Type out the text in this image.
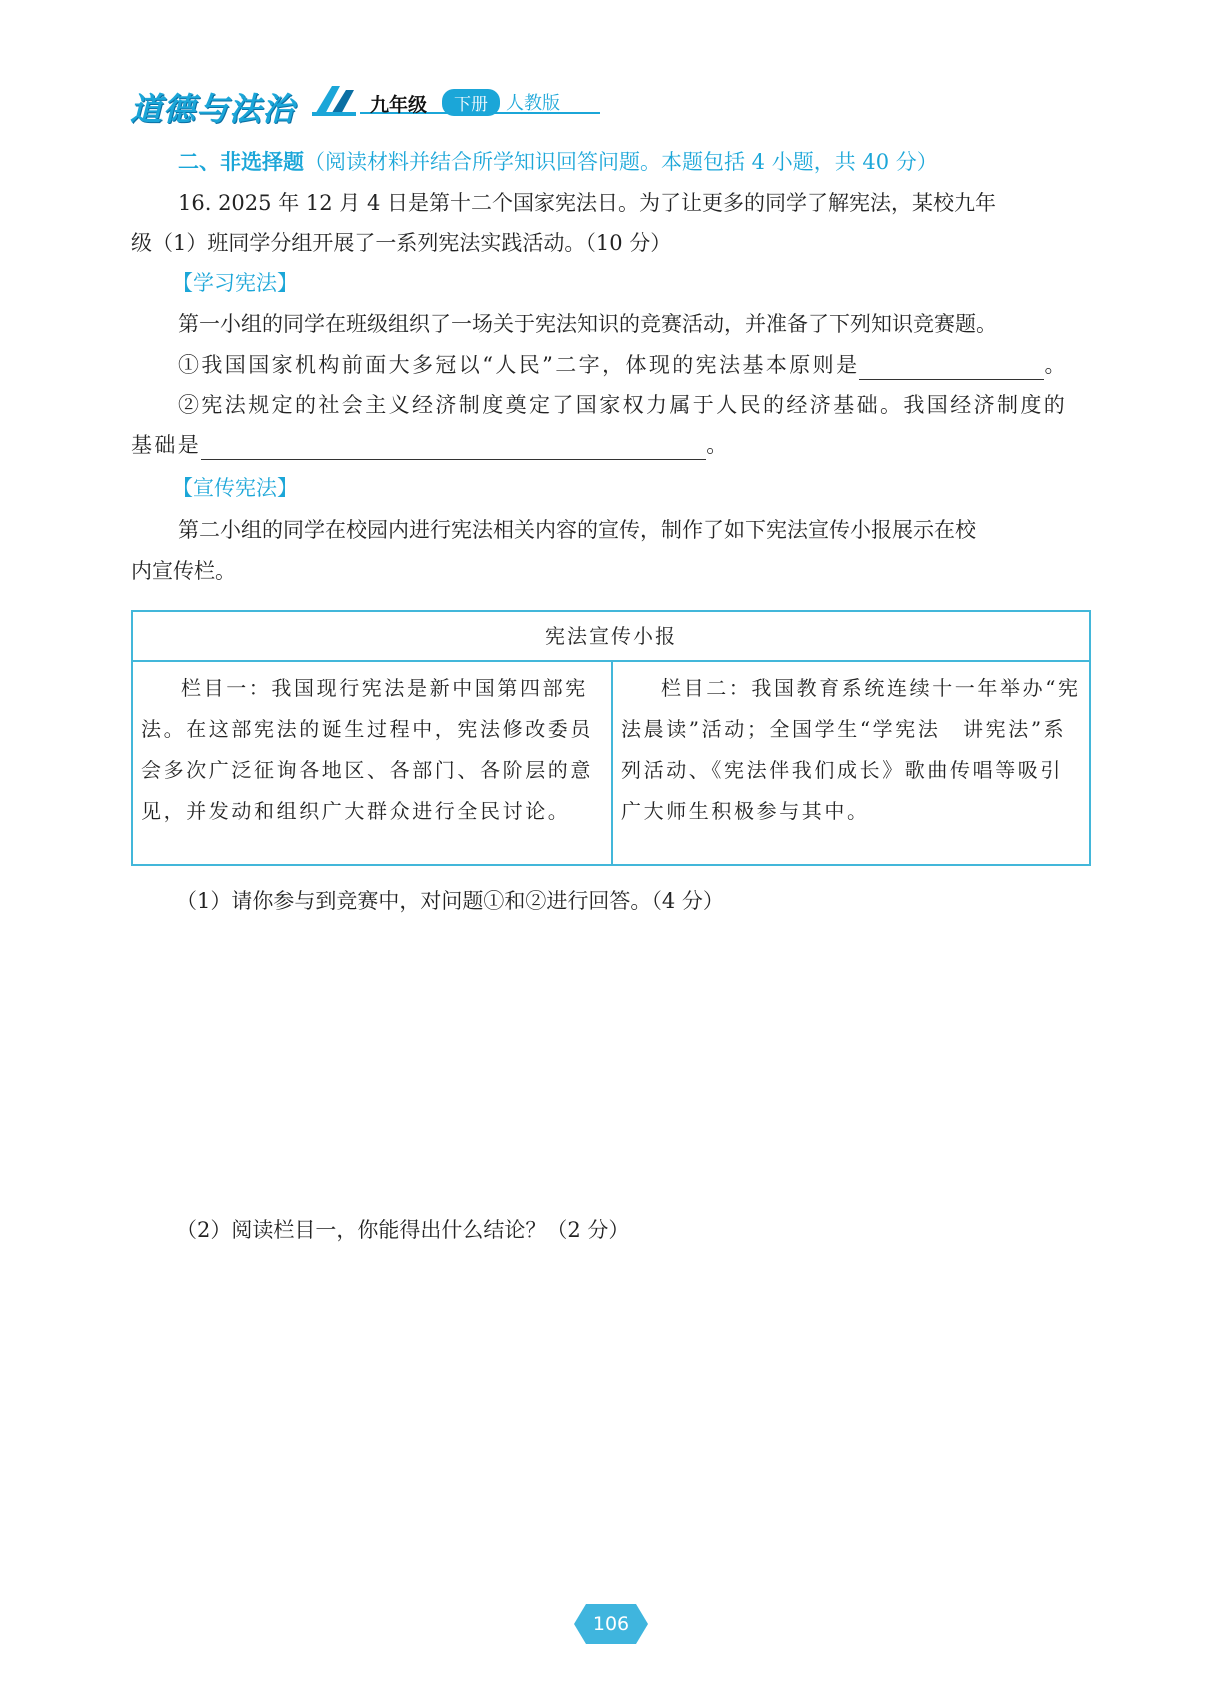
道德与法治	九年级	下册	人教版
二、非选择题（阅读材料并结合所学知识回答问题。本题包括 4 小题，共 40 分）
16. 2025 年 12 月 4 日是第十二个国家宪法日。为了让更多的同学了解宪法，某校九年
级（1）班同学分组开展了一系列宪法实践活动。（10 分）
【学习宪法】
第一小组的同学在班级组织了一场关于宪法知识的竞赛活动，并准备了下列知识竞赛题。
①我国国家机构前面大多冠以“人民”二字，体现的宪法基本原则是	。
②宪法规定的社会主义经济制度奠定了国家权力属于人民的经济基础。我国经济制度的
基础是	。
【宣传宪法】
第二小组的同学在校园内进行宪法相关内容的宣传，制作了如下宪法宣传小报展示在校
内宣传栏。
宪法宣传小报
栏目一：我国现行宪法是新中国第四部宪法。在这部宪法的诞生过程中，宪法修改委员会多次广泛征询各地区、各部门、各阶层的意见，并发动和组织广大群众进行全民讨论。
栏目二：我国教育系统连续十一年举办“宪法晨读”活动；全国学生“学宪法　讲宪法”系列活动、《宪法伴我们成长》歌曲传唱等吸引广大师生积极参与其中。
（1）请你参与到竞赛中，对问题①和②进行回答。（4 分）
（2）阅读栏目一，你能得出什么结论？（2 分）
106
